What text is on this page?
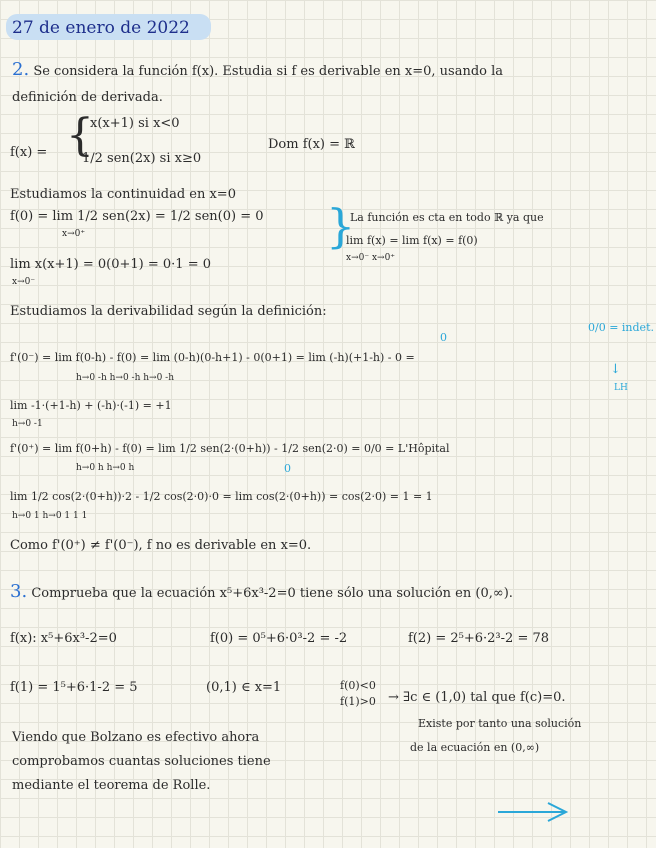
27 de enero de 2022
2. Se considera la función f(x). Estudia si f es derivable en x=0, usando la
definición de derivada.
f(x) = {
x(x+1) si x<0
1/2 sen(2x) si x≥0
Dom f(x) = ℝ
Estudiamos la continuidad en x=0
f(0) = lim 1/2 sen(2x) = 1/2 sen(0) = 0
x→0⁺
lim x(x+1) = 0(0+1) = 0·1 = 0
x→0⁻
}
La función es cta en todo ℝ ya que
lim f(x) = lim f(x) = f(0)
x→0⁻ x→0⁺
Estudiamos la derivabilidad según la definición:
0
0/0 = indet.
f'(0⁻) = lim f(0-h) - f(0) = lim (0-h)(0-h+1) - 0(0+1) = lim (-h)(+1-h) - 0 =
h→0 -h h→0 -h h→0 -h
↓
LH
lim -1·(+1-h) + (-h)·(-1) = +1
h→0 -1
0
f'(0⁺) = lim f(0+h) - f(0) = lim 1/2 sen(2·(0+h)) - 1/2 sen(2·0) = 0/0 = L'Hôpital
h→0 h h→0 h
lim 1/2 cos(2·(0+h))·2 - 1/2 cos(2·0)·0 = lim cos(2·(0+h)) = cos(2·0) = 1 = 1
h→0 1 h→0 1 1 1
Como f'(0⁺) ≠ f'(0⁻), f no es derivable en x=0.
3. Comprueba que la ecuación x⁵+6x³-2=0 tiene sólo una solución en (0,∞).
f(x): x⁵+6x³-2=0	f(0) = 0⁵+6·0³-2 = -2	f(2) = 2⁵+6·2³-2 = 78
f(1) = 1⁵+6·1-2 = 5	(0,1) ∈ x=1	f(0)<0
f(1)>0 → ∃c ∈ (1,0) tal que f(c)=0.
Existe por tanto una solución
de la ecuación en (0,∞)
Viendo que Bolzano es efectivo ahora
comprobamos cuantas soluciones tiene
mediante el teorema de Rolle.
